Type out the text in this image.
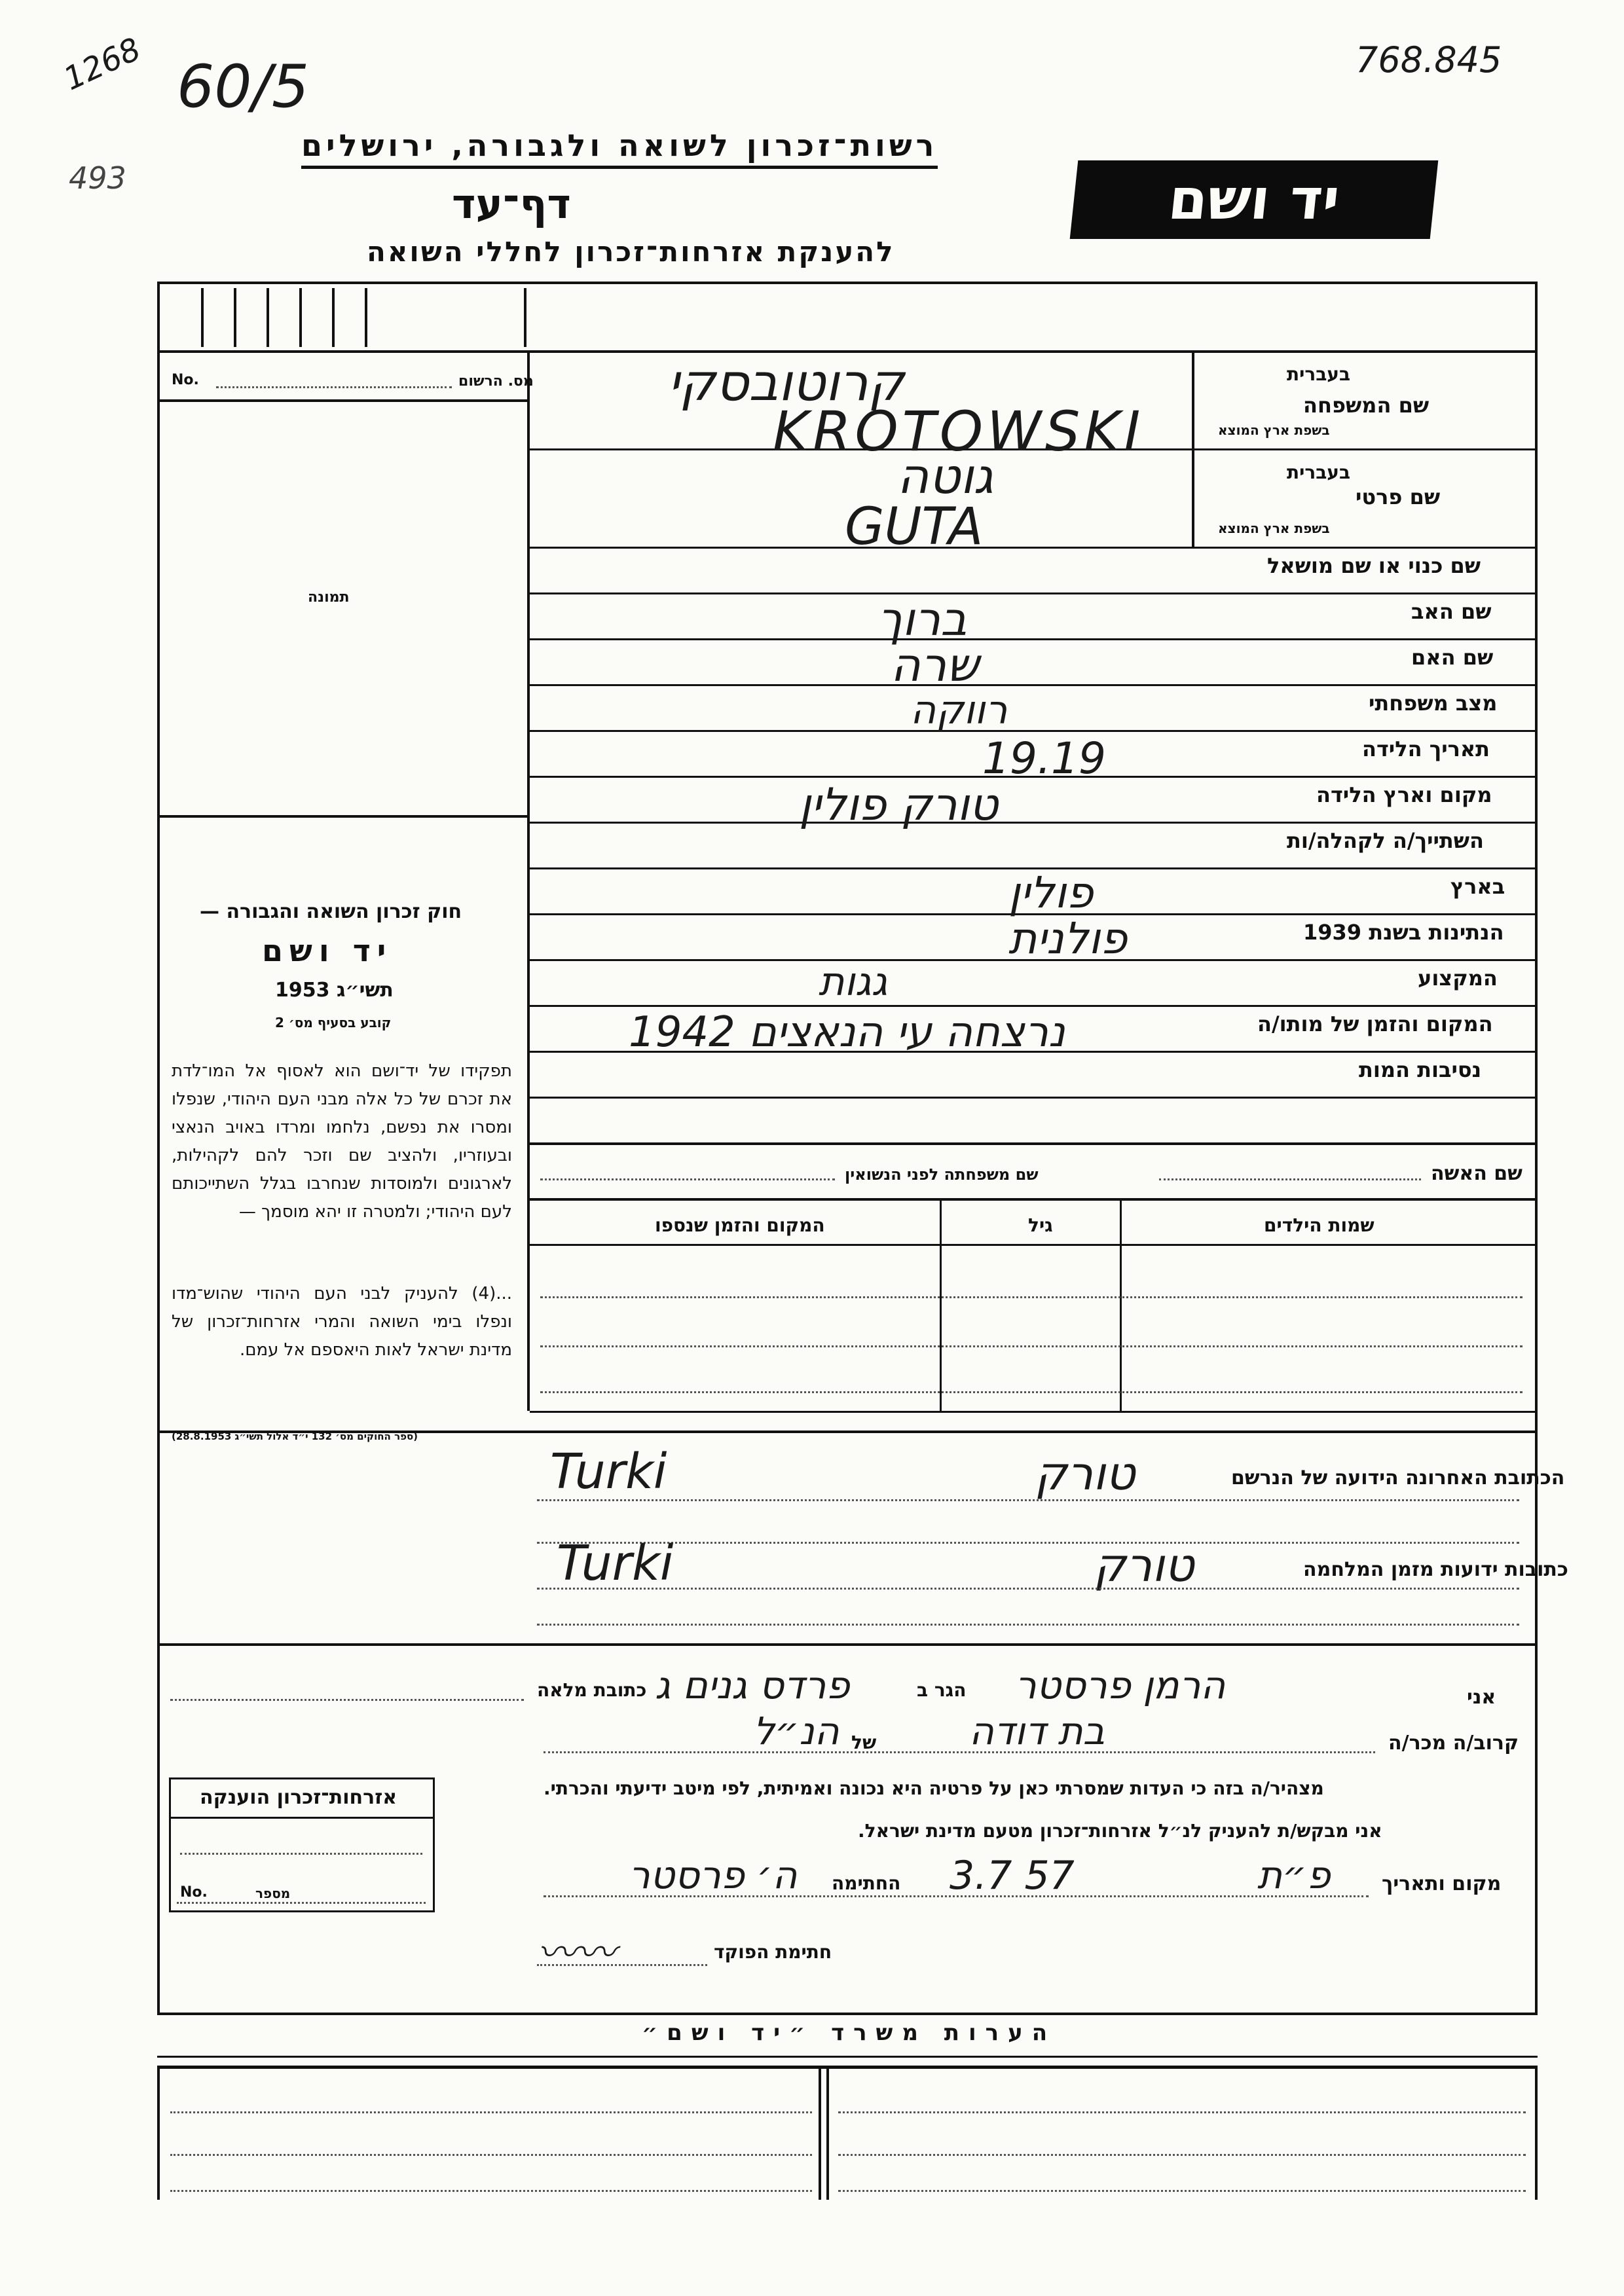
1268 60/5
493
768.845
רשות־זכרון לשואה ולגבורה, ירושלים
דף־עד
להענקת אזרחות־זכרון לחללי השואה
יד ושם
מס. הרשום
No.
תמונה
חוק זכרון השואה והגבורה —
יד ושם
תשי״ג 1953
קובע בסעיף מס׳ 2
תפקידו של יד־ושם הוא לאסוף אל המו־לדת את זכרם של כל אלה מבני העם היהודי, שנפלו ומסרו את נפשם, נלחמו ומרדו באויב הנאצי ובעוזריו, ולהציב שם וזכר להם לקהילות, לארגונים ולמוסדות שנחרבו בגלל השתייכותם לעם היהודי; ולמטרה זו יהא מוסמך —
...(4) להעניק לבני העם היהודי שהוש־מדו ונפלו בימי השואה והמרי אזרחות־זכרון של מדינת ישראל לאות היאספם אל עמם.
(ספר החוקים מס׳ 132 י״ד אלול תשי״ג 28.8.1953)
שם המשפחה
בעברית
בשפת ארץ המוצא
שם פרטי
בעברית
בשפת ארץ המוצא
שם כנוי או שם מושאל
שם האב
שם האם
מצב משפחתי
תאריך הלידה
מקום וארץ הלידה
השתייך/ה לקהלה/ות
בארץ
הנתינות בשנת 1939
המקצוע
המקום והזמן של מותו/ה
נסיבות המות
קרוטובסקי
KROTOWSKI
גוטה
GUTA
ברוך
שרה
רווקה
19.19
טורק פולין
פולין
פולנית
גגות
נרצחה עי הנאצים 1942
שם האשה
שם משפחתה לפני הנשואין
שמות הילדים
גיל
המקום והזמן שנספו
הכתובת האחרונה הידועה של הנרשם
טורק
Turki
כתובות ידועות מזמן המלחמה
טורק
Turki
אני
הרמן פרסטר
הגר ב
פרדס גנים ג
כתובת מלאה
קרוב/ה מכר/ה
בת דודה
של
הנ״ל
מצהיר/ה בזה כי העדות שמסרתי כאן על פרטיה היא נכונה ואמיתית, לפי מיטב ידיעתי והכרתי.
אני מבקש/ת להעניק לנ״ל אזרחות־זכרון מטעם מדינת ישראל.
מקום ותאריך
פ״ת
3.7 57
החתימה
ה׳ פרסטר
חתימת הפוקד
〰〰
אזרחות־זכרון הוענקה
מספר
No.
הערות משרד ״יד ושם״
